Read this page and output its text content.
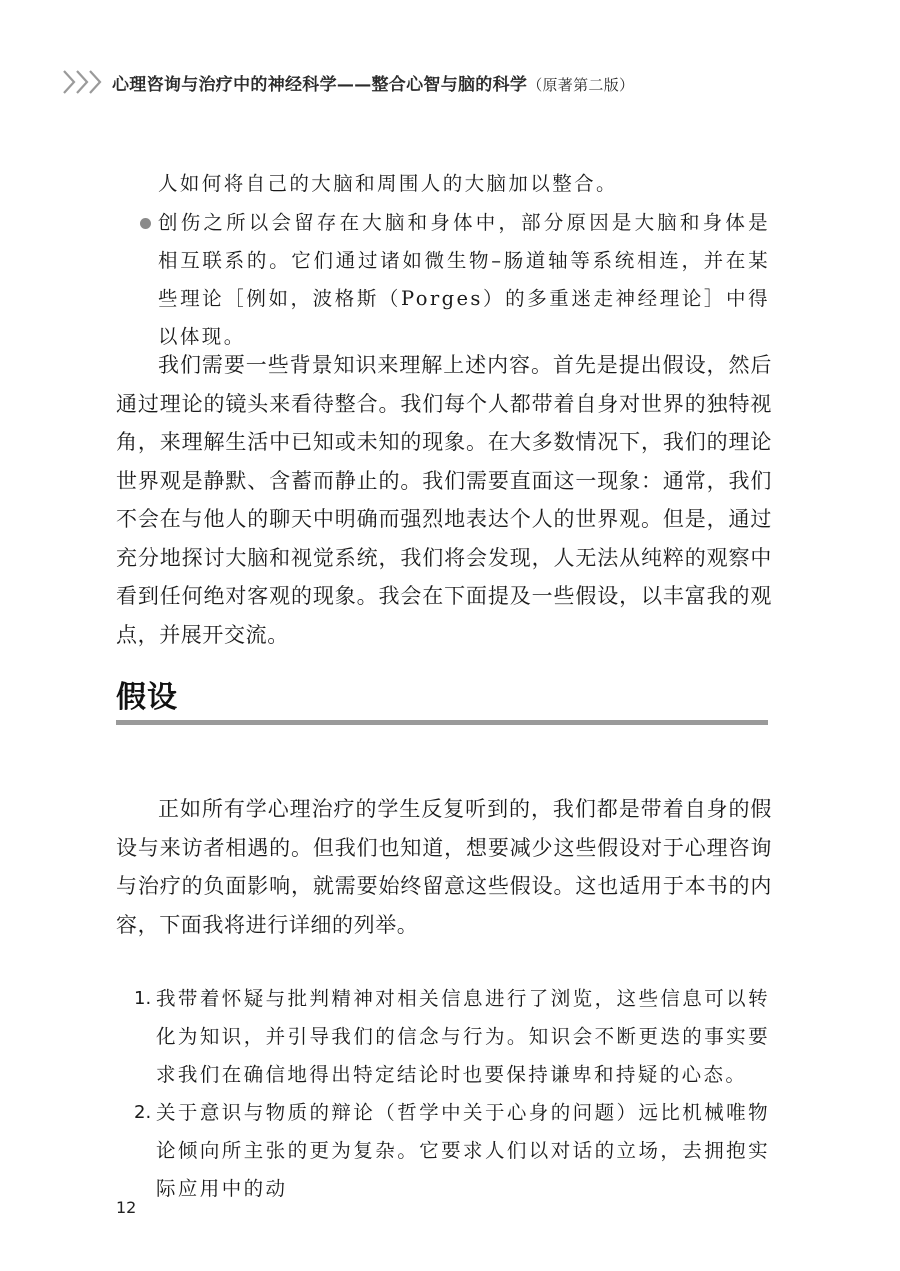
心理咨询与治疗中的神经科学——整合心智与脑的科学（原著第二版）
人如何将自己的大脑和周围人的大脑加以整合。
创伤之所以会留存在大脑和身体中，部分原因是大脑和身体是相互联系的。它们通过诸如微生物–肠道轴等系统相连，并在某些理论［例如，波格斯（Porges）的多重迷走神经理论］中得以体现。
我们需要一些背景知识来理解上述内容。首先是提出假设，然后通过理论的镜头来看待整合。我们每个人都带着自身对世界的独特视角，来理解生活中已知或未知的现象。在大多数情况下，我们的理论世界观是静默、含蓄而静止的。我们需要直面这一现象：通常，我们不会在与他人的聊天中明确而强烈地表达个人的世界观。但是，通过充分地探讨大脑和视觉系统，我们将会发现，人无法从纯粹的观察中看到任何绝对客观的现象。我会在下面提及一些假设，以丰富我的观点，并展开交流。
假设
正如所有学心理治疗的学生反复听到的，我们都是带着自身的假设与来访者相遇的。但我们也知道，想要减少这些假设对于心理咨询与治疗的负面影响，就需要始终留意这些假设。这也适用于本书的内容，下面我将进行详细的列举。
1. 我带着怀疑与批判精神对相关信息进行了浏览，这些信息可以转化为知识，并引导我们的信念与行为。知识会不断更迭的事实要求我们在确信地得出特定结论时也要保持谦卑和持疑的心态。
2. 关于意识与物质的辩论（哲学中关于心身的问题）远比机械唯物论倾向所主张的更为复杂。它要求人们以对话的立场，去拥抱实际应用中的动
12
